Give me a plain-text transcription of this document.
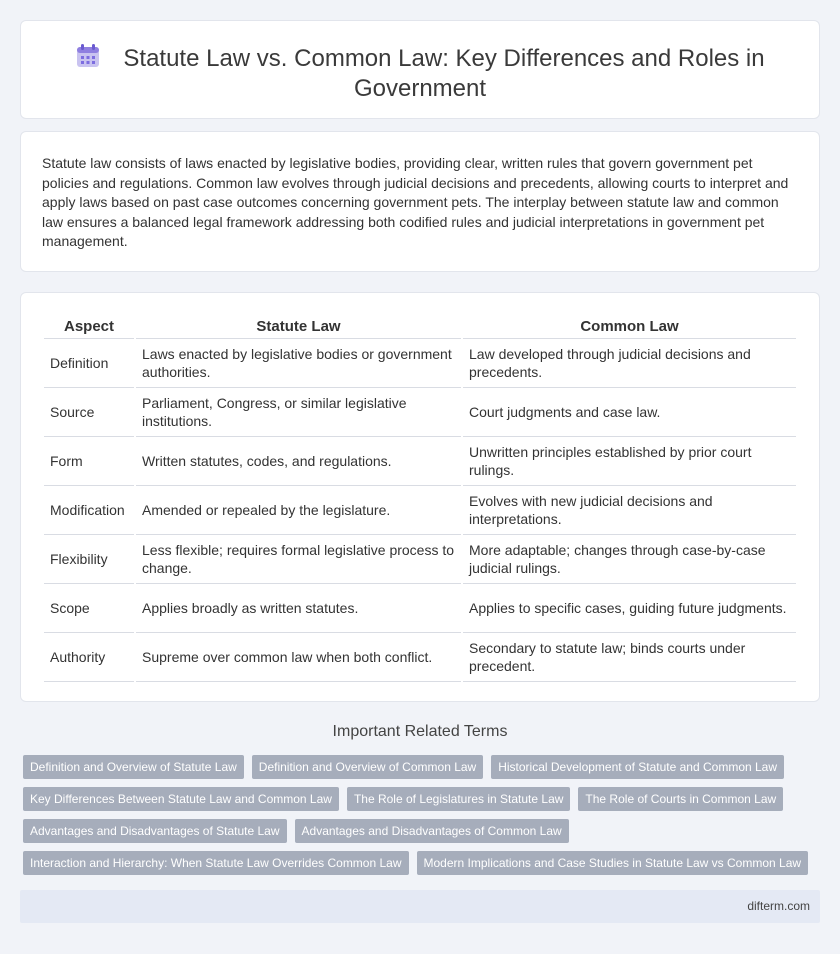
Statute Law vs. Common Law: Key Differences and Roles in Government

Statute law consists of laws enacted by legislative bodies, providing clear, written rules that govern government pet policies and regulations. Common law evolves through judicial decisions and precedents, allowing courts to interpret and apply laws based on past case outcomes concerning government pets. The interplay between statute law and common law ensures a balanced legal framework addressing both codified rules and judicial interpretations in government pet management.

Aspect	Statute Law	Common Law
Definition	Laws enacted by legislative bodies or government authorities.	Law developed through judicial decisions and precedents.
Source	Parliament, Congress, or similar legislative institutions.	Court judgments and case law.
Form	Written statutes, codes, and regulations.	Unwritten principles established by prior court rulings.
Modification	Amended or repealed by the legislature.	Evolves with new judicial decisions and interpretations.
Flexibility	Less flexible; requires formal legislative process to change.	More adaptable; changes through case-by-case judicial rulings.
Scope	Applies broadly as written statutes.	Applies to specific cases, guiding future judgments.
Authority	Supreme over common law when both conflict.	Secondary to statute law; binds courts under precedent.
Important Related Terms
Definition and Overview of Statute Law	Definition and Overview of Common Law	Historical Development of Statute and Common Law
Key Differences Between Statute Law and Common Law	The Role of Legislatures in Statute Law	The Role of Courts in Common Law
Advantages and Disadvantages of Statute Law	Advantages and Disadvantages of Common Law
Interaction and Hierarchy: When Statute Law Overrides Common Law	Modern Implications and Case Studies in Statute Law vs Common Law
difterm.com
